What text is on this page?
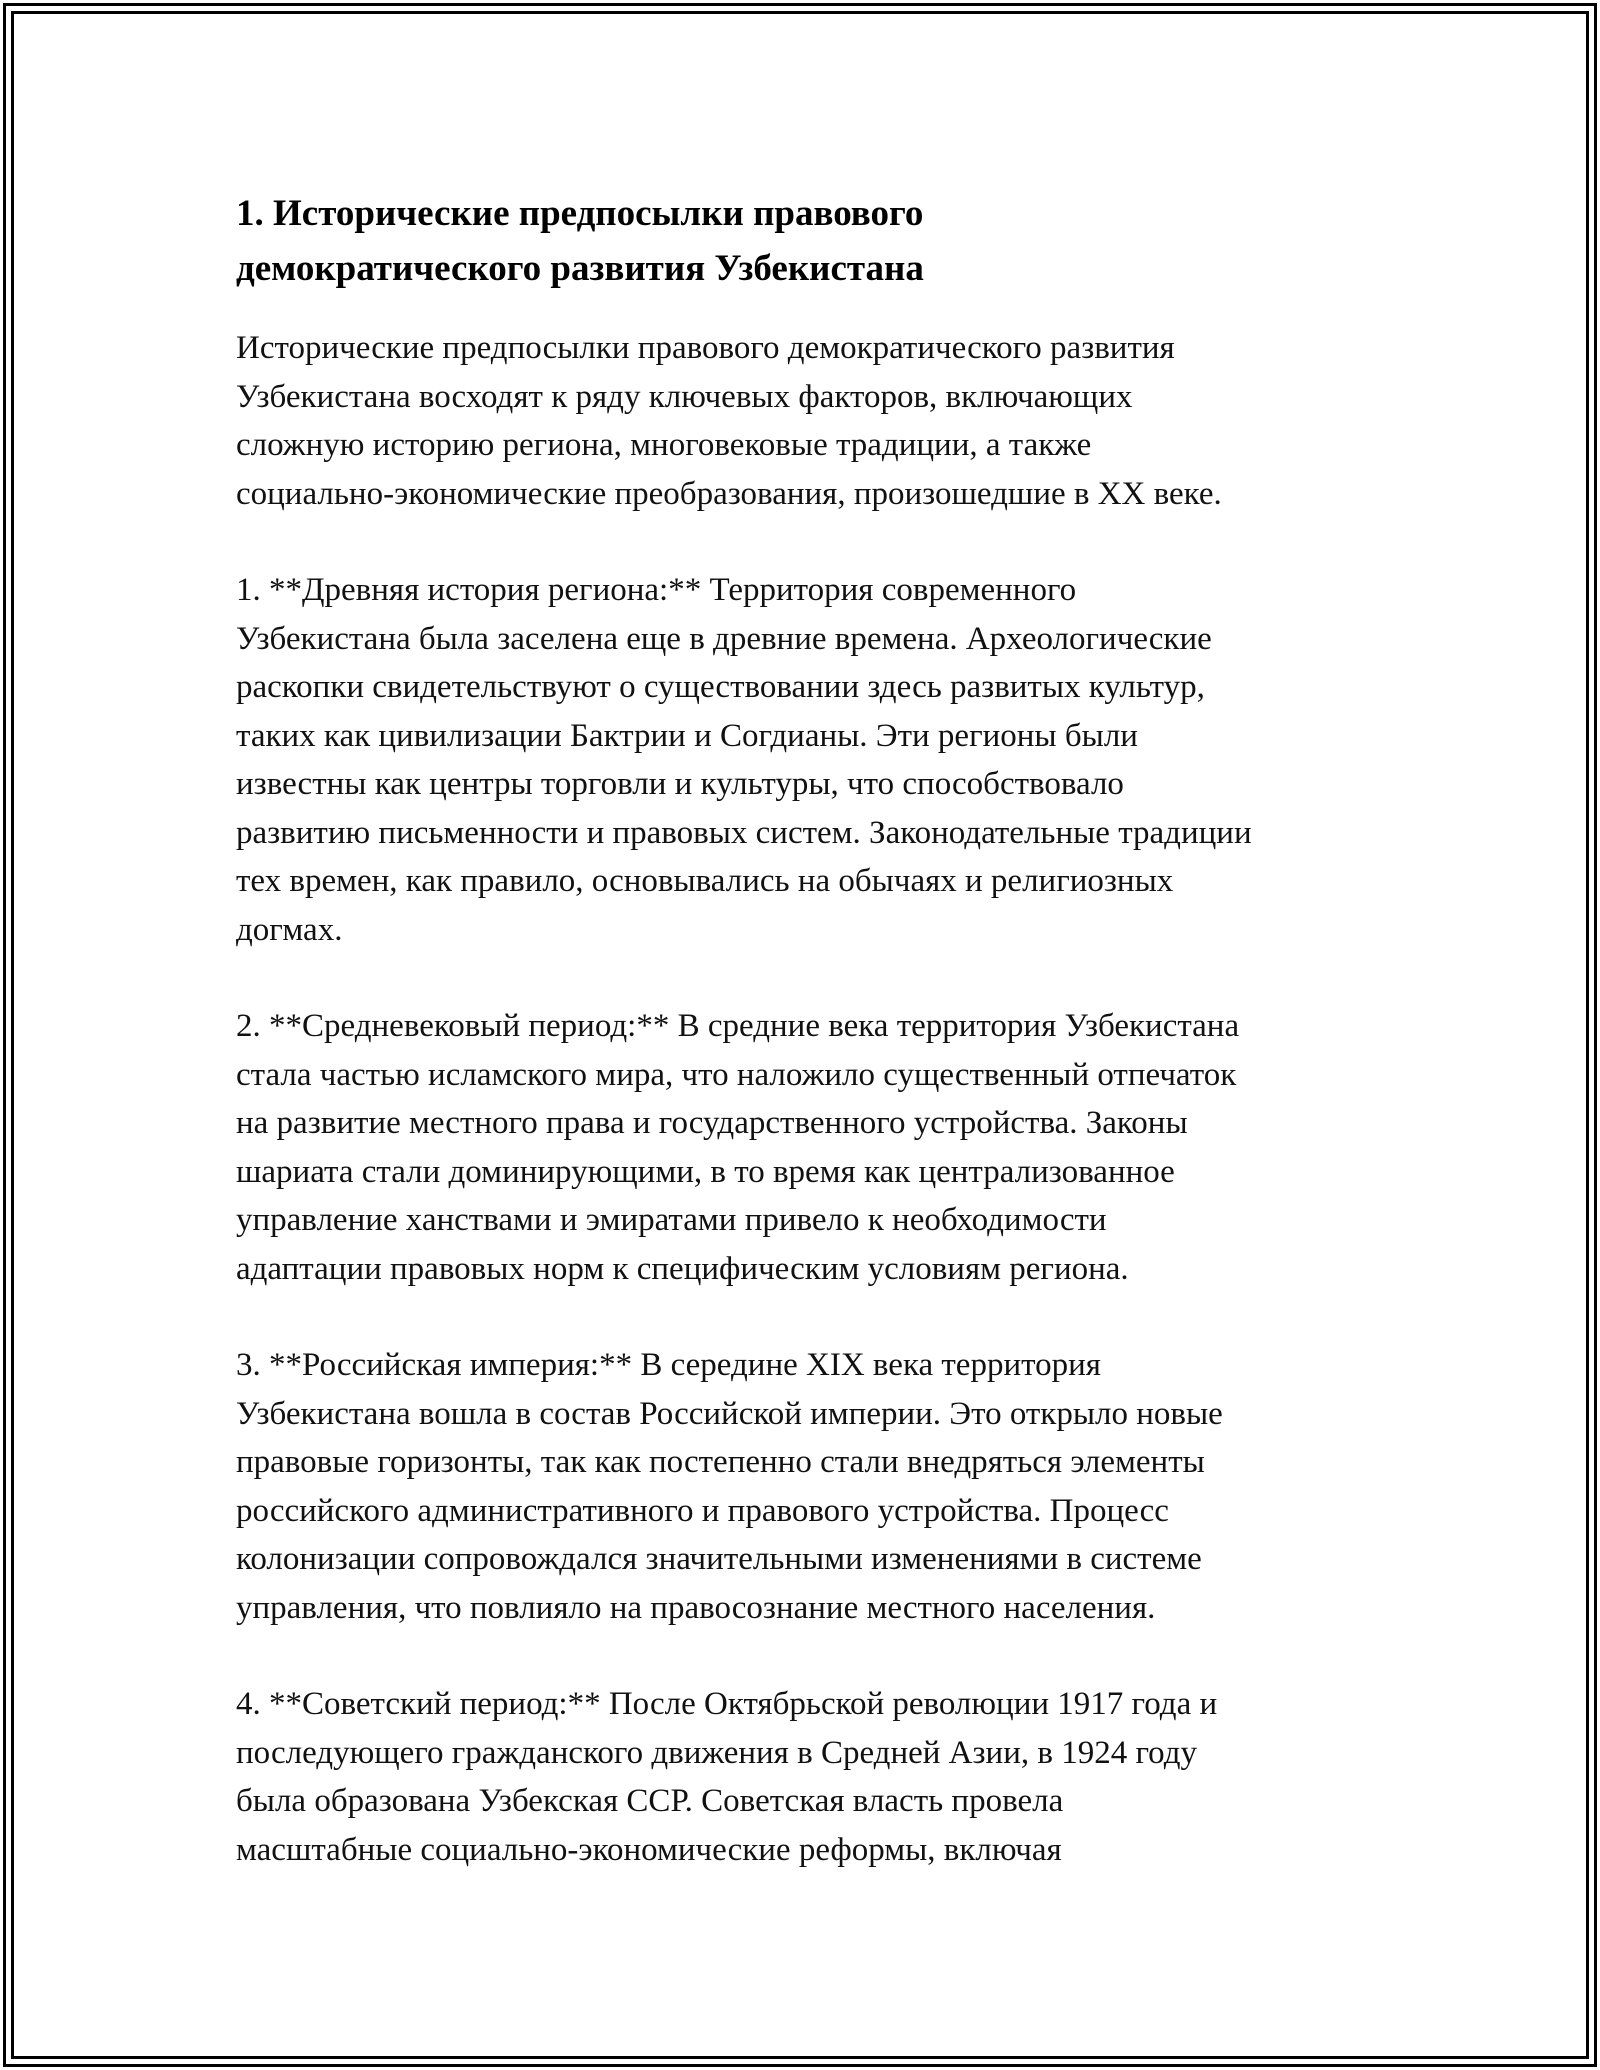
1. Исторические предпосылки правового
демократического развития Узбекистана

Исторические предпосылки правового демократического развития
Узбекистана восходят к ряду ключевых факторов, включающих
сложную историю региона, многовековые традиции, а также
социально-экономические преобразования, произошедшие в XX веке.

1. **Древняя история региона:** Территория современного
Узбекистана была заселена еще в древние времена. Археологические
раскопки свидетельствуют о существовании здесь развитых культур,
таких как цивилизации Бактрии и Согдианы. Эти регионы были
известны как центры торговли и культуры, что способствовало
развитию письменности и правовых систем. Законодательные традиции
тех времен, как правило, основывались на обычаях и религиозных
догмах.

2. **Средневековый период:** В средние века территория Узбекистана
стала частью исламского мира, что наложило существенный отпечаток
на развитие местного права и государственного устройства. Законы
шариата стали доминирующими, в то время как централизованное
управление ханствами и эмиратами привело к необходимости
адаптации правовых норм к специфическим условиям региона.

3. **Российская империя:** В середине XIX века территория
Узбекистана вошла в состав Российской империи. Это открыло новые
правовые горизонты, так как постепенно стали внедряться элементы
российского административного и правового устройства. Процесс
колонизации сопровождался значительными изменениями в системе
управления, что повлияло на правосознание местного населения.

4. **Советский период:** После Октябрьской революции 1917 года и
последующего гражданского движения в Средней Азии, в 1924 году
была образована Узбекская ССР. Советская власть провела
масштабные социально-экономические реформы, включая
